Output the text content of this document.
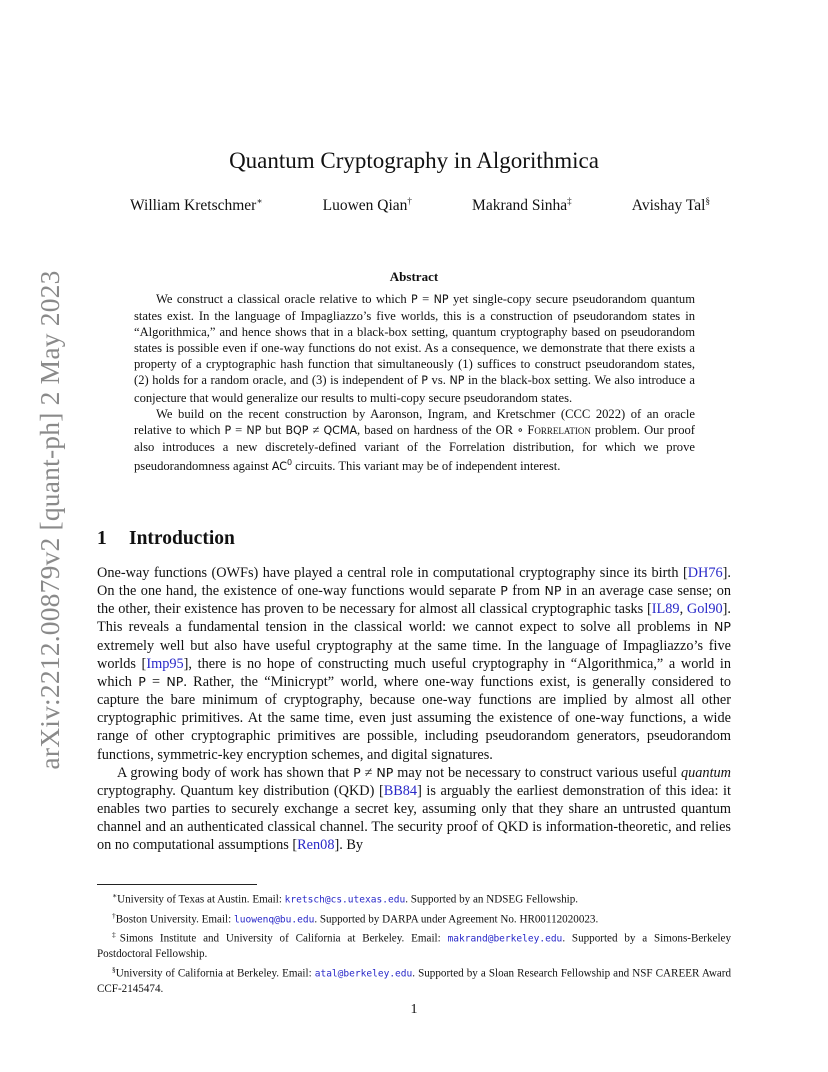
arXiv:2212.00879v2 [quant-ph] 2 May 2023
Quantum Cryptography in Algorithmica
William Kretschmer∗	Luowen Qian†	Makrand Sinha‡	Avishay Tal§
Abstract

We construct a classical oracle relative to which P = NP yet single-copy secure pseudorandom quantum states exist. In the language of Impagliazzo’s five worlds, this is a construction of pseudorandom states in “Algorithmica,” and hence shows that in a black-box setting, quantum cryptography based on pseudorandom states is possible even if one-way functions do not exist. As a consequence, we demonstrate that there exists a property of a cryptographic hash function that simultaneously (1) suffices to construct pseudorandom states, (2) holds for a random oracle, and (3) is independent of P vs. NP in the black-box setting. We also introduce a conjecture that would generalize our results to multi-copy secure pseudorandom states.

We build on the recent construction by Aaronson, Ingram, and Kretschmer (CCC 2022) of an oracle relative to which P = NP but BQP ≠ QCMA, based on hardness of the OR ∘ Forrelation problem. Our proof also introduces a new discretely-defined variant of the Forrelation distribution, for which we prove pseudorandomness against $AC^0$ circuits. This variant may be of independent interest.

1 Introduction

One-way functions (OWFs) have played a central role in computational cryptography since its birth [DH76]. On the one hand, the existence of one-way functions would separate P from NP in an average case sense; on the other, their existence has proven to be necessary for almost all classical cryptographic tasks [IL89, Gol90]. This reveals a fundamental tension in the classical world: we cannot expect to solve all problems in NP extremely well but also have useful cryptography at the same time. In the language of Impagliazzo’s five worlds [Imp95], there is no hope of constructing much useful cryptography in “Algorithmica,” a world in which P = NP. Rather, the “Minicrypt” world, where one-way functions exist, is generally considered to capture the bare minimum of cryptography, because one-way functions are implied by almost all other cryptographic primitives. At the same time, even just assuming the existence of one-way functions, a wide range of other cryptographic primitives are possible, including pseudorandom generators, pseudorandom functions, symmetric-key encryption schemes, and digital signatures.

A growing body of work has shown that P ≠ NP may not be necessary to construct various useful quantum cryptography. Quantum key distribution (QKD) [BB84] is arguably the earliest demonstration of this idea: it enables two parties to securely exchange a secret key, assuming only that they share an untrusted quantum channel and an authenticated classical channel. The security proof of QKD is information-theoretic, and relies on no computational assumptions [Ren08]. By

∗University of Texas at Austin. Email: kretsch@cs.utexas.edu. Supported by an NDSEG Fellowship.

†Boston University. Email: luowenq@bu.edu. Supported by DARPA under Agreement No. HR00112020023.

‡Simons Institute and University of California at Berkeley. Email: makrand@berkeley.edu. Supported by a Simons-Berkeley Postdoctoral Fellowship.

§University of California at Berkeley. Email: atal@berkeley.edu. Supported by a Sloan Research Fellowship and NSF CAREER Award CCF-2145474.

1
